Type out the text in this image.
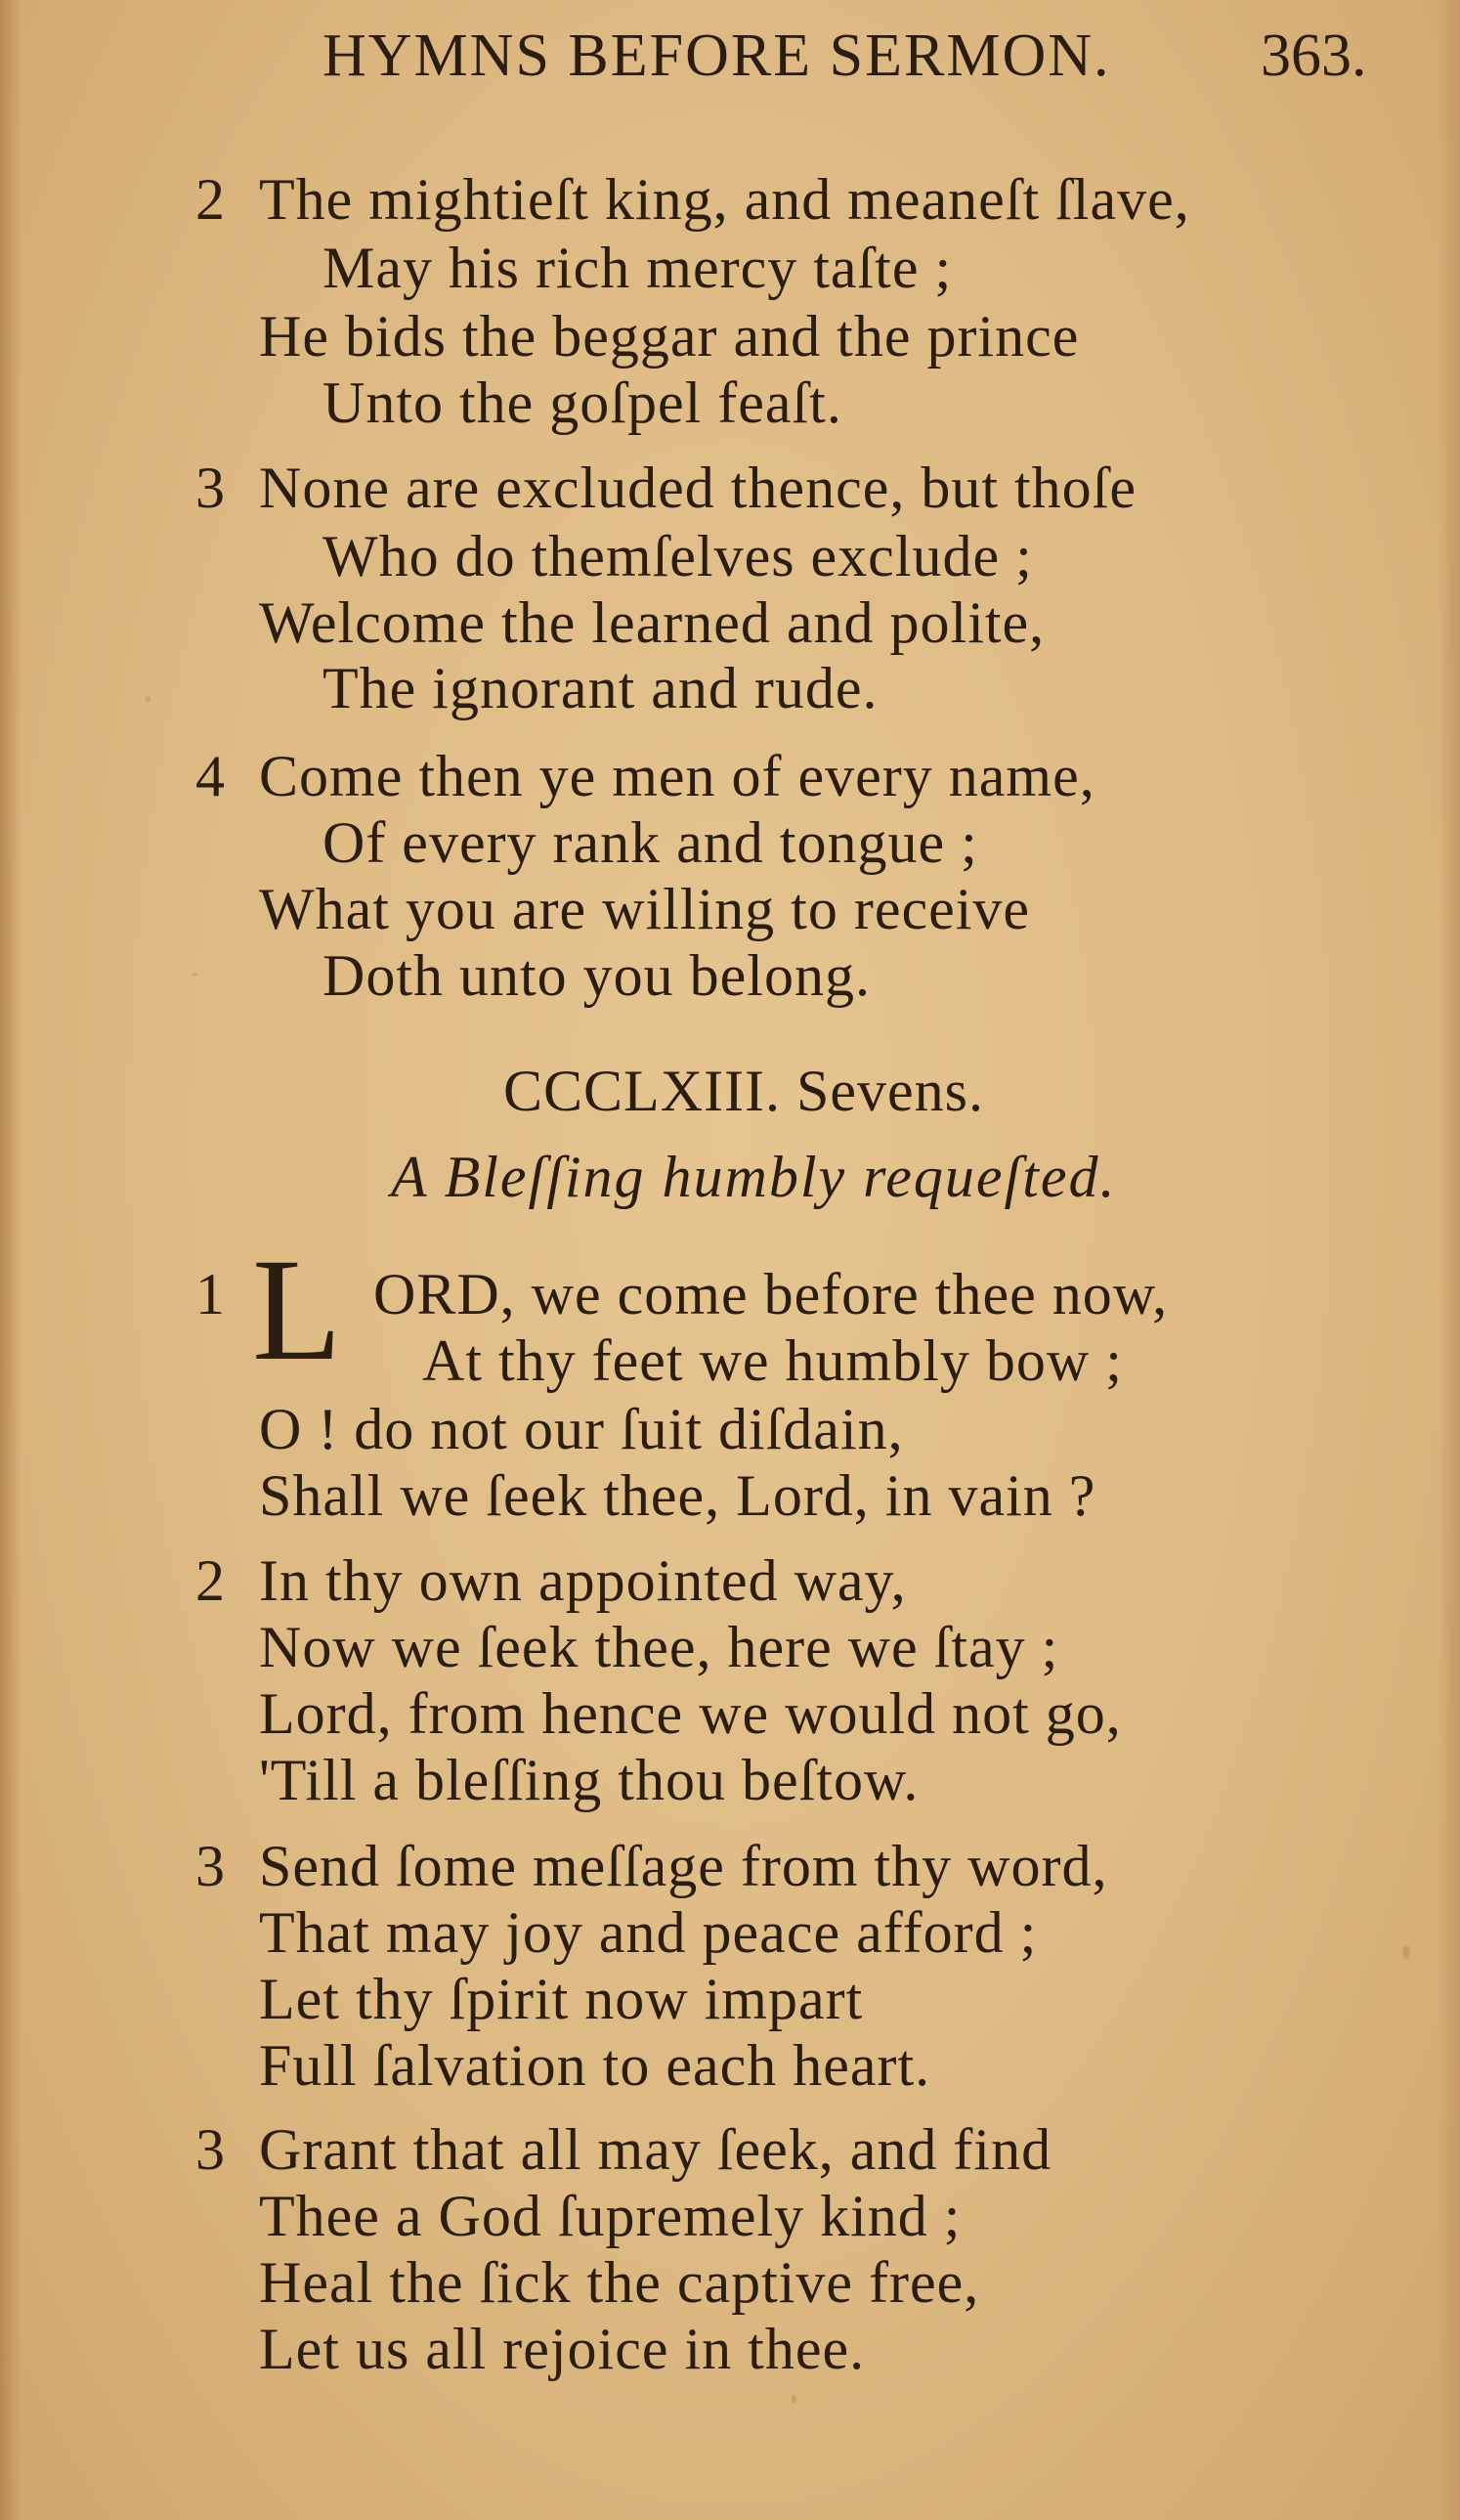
HYMNS BEFORE SERMON. 363.
2 The mightieſt king, and meaneſt ſlave,
May his rich mercy taſte ;
He bids the beggar and the prince
Unto the goſpel feaſt.
3 None are excluded thence, but thoſe
Who do themſelves exclude ;
Welcome the learned and polite,
The ignorant and rude.
4 Come then ye men of every name,
Of every rank and tongue ;
What you are willing to receive
Doth unto you belong.
CCCLXIII. Sevens.
A Bleſſing humbly requeſted.
1 L ORD, we come before thee now,
At thy feet we humbly bow ;
O ! do not our ſuit diſdain,
Shall we ſeek thee, Lord, in vain ?
2 In thy own appointed way,
Now we ſeek thee, here we ſtay ;
Lord, from hence we would not go,
'Till a bleſſing thou beſtow.
3 Send ſome meſſage from thy word,
That may joy and peace afford ;
Let thy ſpirit now impart
Full ſalvation to each heart.
3 Grant that all may ſeek, and find
Thee a God ſupremely kind ;
Heal the ſick the captive free,
Let us all rejoice in thee.
